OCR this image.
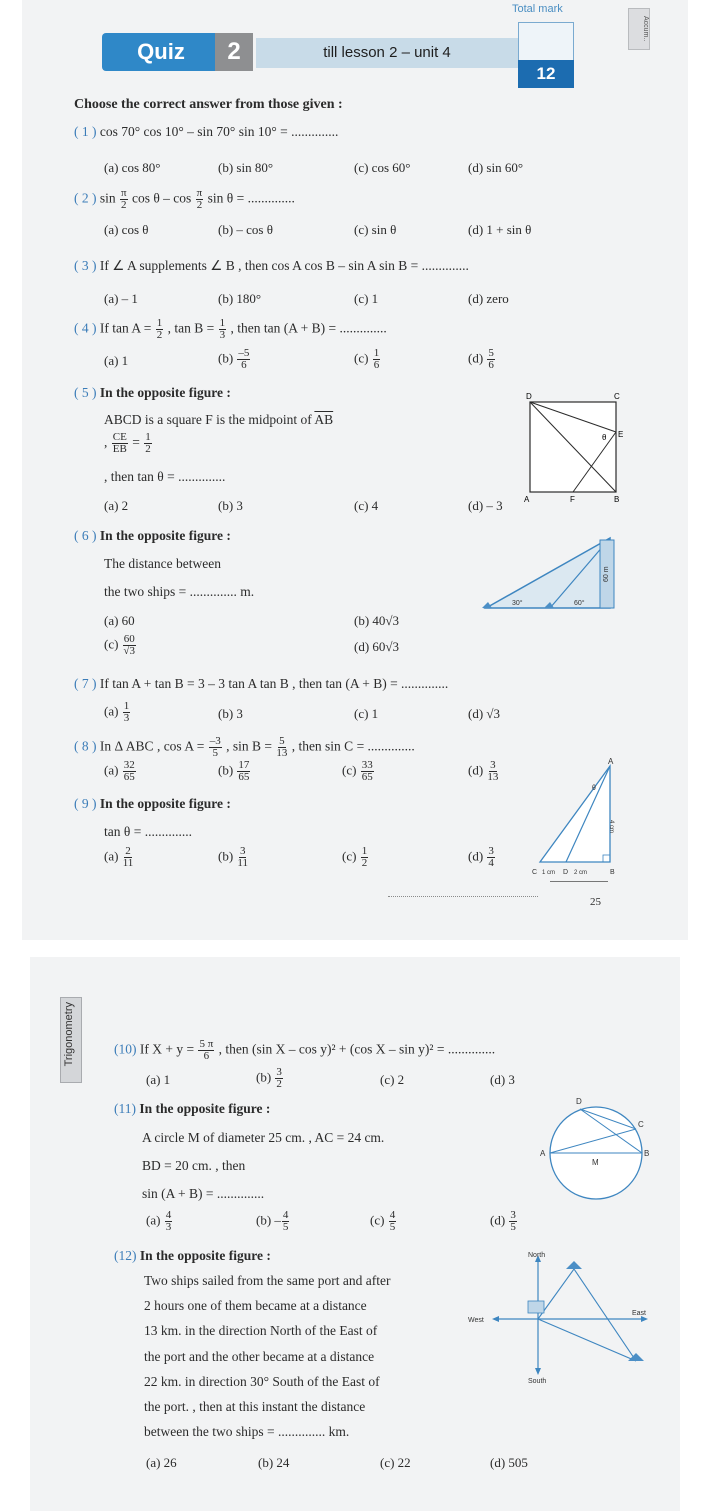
Total mark
12
Accum..
Quiz	2	till lesson 2 – unit 4
Choose the correct answer from those given :
( 1 ) cos 70° cos 10° – sin 70° sin 10° = ..............
(a) cos 80°	(b) sin 80°	(c) cos 60°	(d) sin 60°
( 2 ) $\sin \frac{\pi}{2}$ cos θ – $\cos \frac{\pi}{2}$ sin θ = ..............
(a) cos θ	(b) – cos θ	(c) sin θ	(d) 1 + sin θ
( 3 ) If ∠ A supplements ∠ B , then cos A cos B – sin A sin B = ..............
(a) – 1	(b) 180°	(c) 1	(d) zero
( 4 ) If $\tan A = \frac{1}{2}$ , $\tan B = \frac{1}{3}$ , then tan (A + B) = ..............
(a) 1	$(b) \frac{-5}{6}$	$(c) \frac{1}{6}$	$(d) \frac{5}{6}$
( 5 ) In the opposite figure :
ABCD is a square F is the midpoint of $\overline{AB}$
, $\frac{CE}{EB} = \frac{1}{2}$
, then tan θ = ..............
(a) 2	(b) 3	(c) 4	(d) – 3
D	C
E
A	F	B
θ
( 6 ) In the opposite figure :
The distance between
the two ships = .............. m.
(a) 60	(b) 40√3
$(c) \frac{60}{√3}$	(d) 60√3
30°	60°
60 m
( 7 ) If tan A + tan B = 3 – 3 tan A tan B , then tan (A + B) = ..............
$(a) \frac{1}{3}$	(b) 3	(c) 1	(d) √3
( 8 ) In Δ ABC , $\cos A = \frac{-3}{5}$ , $\sin B = \frac{5}{13}$ , then sin C = ..............
$(a) \frac{32}{65}$	$(b) \frac{17}{65}$	$(c) \frac{33}{65}$	$(d) \frac{3}{13}$
( 9 ) In the opposite figure :
tan θ = ..............
$(a) \frac{2}{11}$	$(b) \frac{3}{11}$	$(c) \frac{1}{2}$	$(d) \frac{3}{4}$
A
θ
4 cm
C 1 cm D 2 cm	B
25
Trigonometry	(10) If $X + y = \frac{5 \pi}{6}$ , then (sin X – cos y)² + (cos X – sin y)² = ..............
(a) 1	$(b) \frac{3}{2}$	(c) 2	(d) 3
(11) In the opposite figure :
A circle M of diameter 25 cm. , AC = 24 cm.
BD = 20 cm. , then
sin (A + B) = ..............
$(a) \frac{4}{3}$	$(b) - \frac{4}{5}$	$(c) \frac{4}{5}$	$(d) \frac{3}{5}$
D
C
A	B
M
(12) In the opposite figure :
Two ships sailed from the same port and after
2 hours one of them became at a distance
13 km. in the direction North of the East of
the port and the other became at a distance
22 km. in direction 30° South of the East of
the port. , then at this instant the distance
between the two ships = .............. km.
(a) 26	(b) 24	(c) 22	(d) 505
North
South
West
East
